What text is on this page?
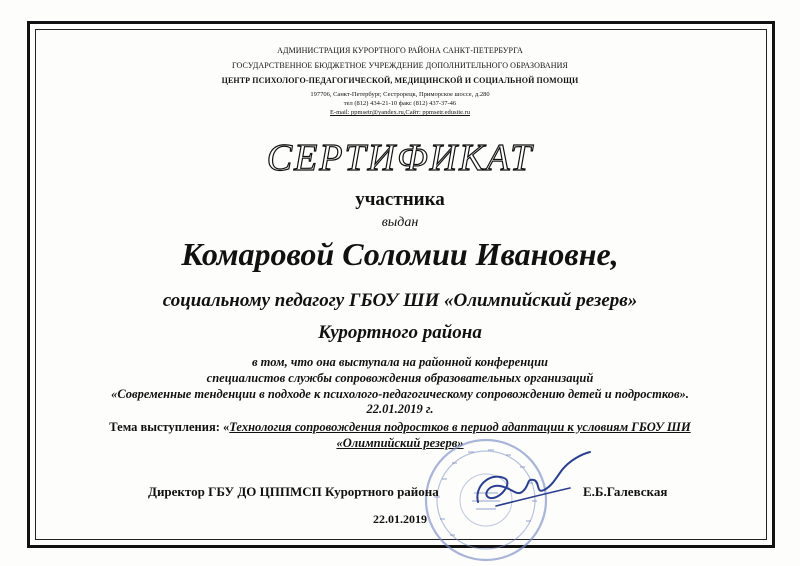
АДМИНИСТРАЦИЯ КУРОРТНОГО РАЙОНА САНКТ-ПЕТЕРБУРГА
ГОСУДАРСТВЕННОЕ БЮДЖЕТНОЕ УЧРЕЖДЕНИЕ ДОПОЛНИТЕЛЬНОГО ОБРАЗОВАНИЯ
ЦЕНТР ПСИХОЛОГО-ПЕДАГОГИЧЕСКОЙ, МЕДИЦИНСКОЙ И СОЦИАЛЬНОЙ ПОМОЩИ
197706, Санкт-Петербург, Сестрорецк, Приморское шоссе, д.280
тел (812) 434-21-10 факс (812) 437-37-46
E-mail: ppmsetr@yandex.ru,Сайт: ppmsetr.edusite.ru
СЕРТИФИКАТ
участника
выдан
Комаровой Соломии Ивановне,
социальному педагогу ГБОУ ШИ «Олимпийский резерв»
Курортного района
в том, что она выступала на районной конференции
специалистов службы сопровождения образовательных организаций
«Современные тенденции в подходе к психолого-педагогическому сопровождению детей и подростков».
22.01.2019 г.
Тема выступления: «Технология сопровождения подростков в период адаптации к условиям ГБОУ ШИ
«Олимпийский резерв»
Директор ГБУ ДО ЦППМСП Курортного района	Е.Б.Галевская
22.01.2019
